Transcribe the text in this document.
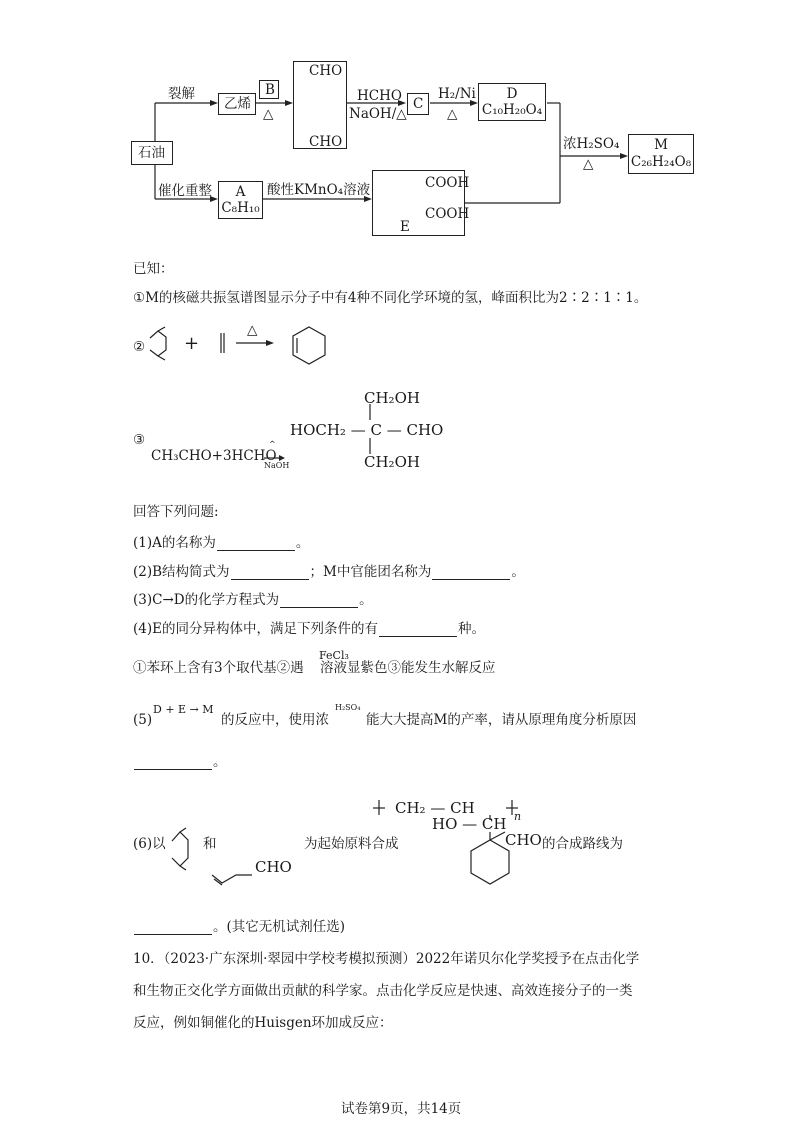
裂解
乙烯
B
△
CHO
CHO
HCHO
NaOH/△
C
H₂/Ni
△
D
C₁₀H₂₀O₄
浓H₂SO₄
△
M
C₂₆H₂₄O₈
石油
催化重整	A
C₈H₁₀
酸性KMnO₄溶液	COOH
COOH
E
已知：
①M的核磁共振氢谱图显示分子中有4种不同化学环境的氢，峰面积比为2∶2∶1∶1。
② +
△
③
CH₃CHO+3HCHO
^
NaOH
CH₂OH
HOCH₂ — C — CHO
CH₂OH
回答下列问题:
(1)A的名称为	。
(2)B结构简式为	；M中官能团名称为	。
(3)C→D的化学方程式为	。
(4)E的同分异构体中，满足下列条件的有	种。
①苯环上含有3个取代基②遇
FeCl₃
溶液显紫色③能发生水解反应
(5)
D + E → M
的反应中，使用浓
H₂SO₄
能大大提高M的产率，请从原理角度分析原因
。
(6)以	和
CHO
为起始原料合成
CH₂ — CH	n
HO — CH
CHO 的合成路线为
。(其它无机试剂任选)
10．（2023·广东深圳·翠园中学校考模拟预测）2022年诺贝尔化学奖授予在点击化学
和生物正交化学方面做出贡献的科学家。点击化学反应是快速、高效连接分子的一类
反应，例如铜催化的Huisgen环加成反应：
试卷第9页，共14页
